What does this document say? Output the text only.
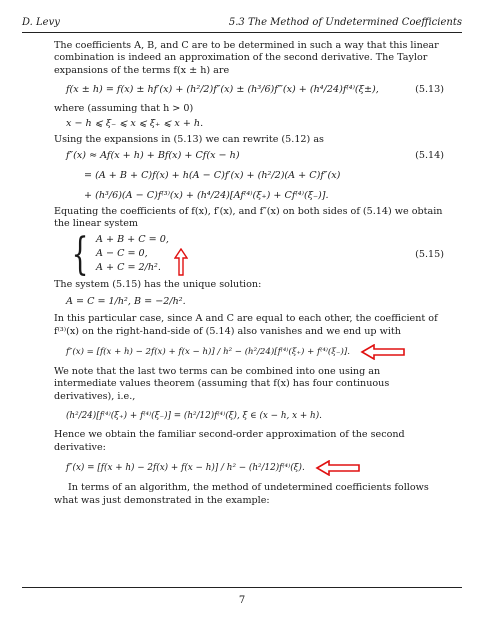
D. Levy	5.3 The Method of Undetermined Coefficients

The coefficients A, B, and C are to be determined in such a way that this linear combination is indeed an approximation of the second derivative. The Taylor expansions of the terms f(x ± h) are

f(x ± h) = f(x) ± hf′(x) + (h²/2)f″(x) ± (h³/6)f‴(x) + (h⁴/24)f⁽⁴⁾(ξ±),	(5.13)

where (assuming that h > 0)

x − h ⩽ ξ₋ ⩽ x ⩽ ξ₊ ⩽ x + h.

Using the expansions in (5.13) we can rewrite (5.12) as

f″(x) ≈ Af(x + h) + Bf(x) + Cf(x − h)	(5.14)
= (A + B + C)f(x) + h(A − C)f′(x) + (h²/2)(A + C)f″(x)
+ (h³/6)(A − C)f⁽³⁾(x) + (h⁴/24)[Af⁽⁴⁾(ξ₊) + Cf⁽⁴⁾(ξ₋)].

Equating the coefficients of f(x), f′(x), and f″(x) on both sides of (5.14) we obtain the linear system

{ A + B + C = 0,
A − C = 0,
A + C = 2/h².
(5.15)

The system (5.15) has the unique solution:

A = C = 1/h², B = −2/h².

In this particular case, since A and C are equal to each other, the coefficient of f⁽³⁾(x) on the right-hand-side of (5.14) also vanishes and we end up with

f″(x) = [f(x + h) − 2f(x) + f(x − h)] / h² − (h²/24)[f⁽⁴⁾(ξ₊) + f⁽⁴⁾(ξ₋)].

We note that the last two terms can be combined into one using an intermediate values theorem (assuming that f(x) has four continuous derivatives), i.e.,

(h²/24)[f⁽⁴⁾(ξ₊) + f⁽⁴⁾(ξ₋)] = (h²/12)f⁽⁴⁾(ξ), ξ ∈ (x − h, x + h).

Hence we obtain the familiar second-order approximation of the second derivative:

f″(x) = [f(x + h) − 2f(x) + f(x − h)] / h² − (h²/12)f⁽⁴⁾(ξ).

In terms of an algorithm, the method of undetermined coefficients follows what was just demonstrated in the example:

7
